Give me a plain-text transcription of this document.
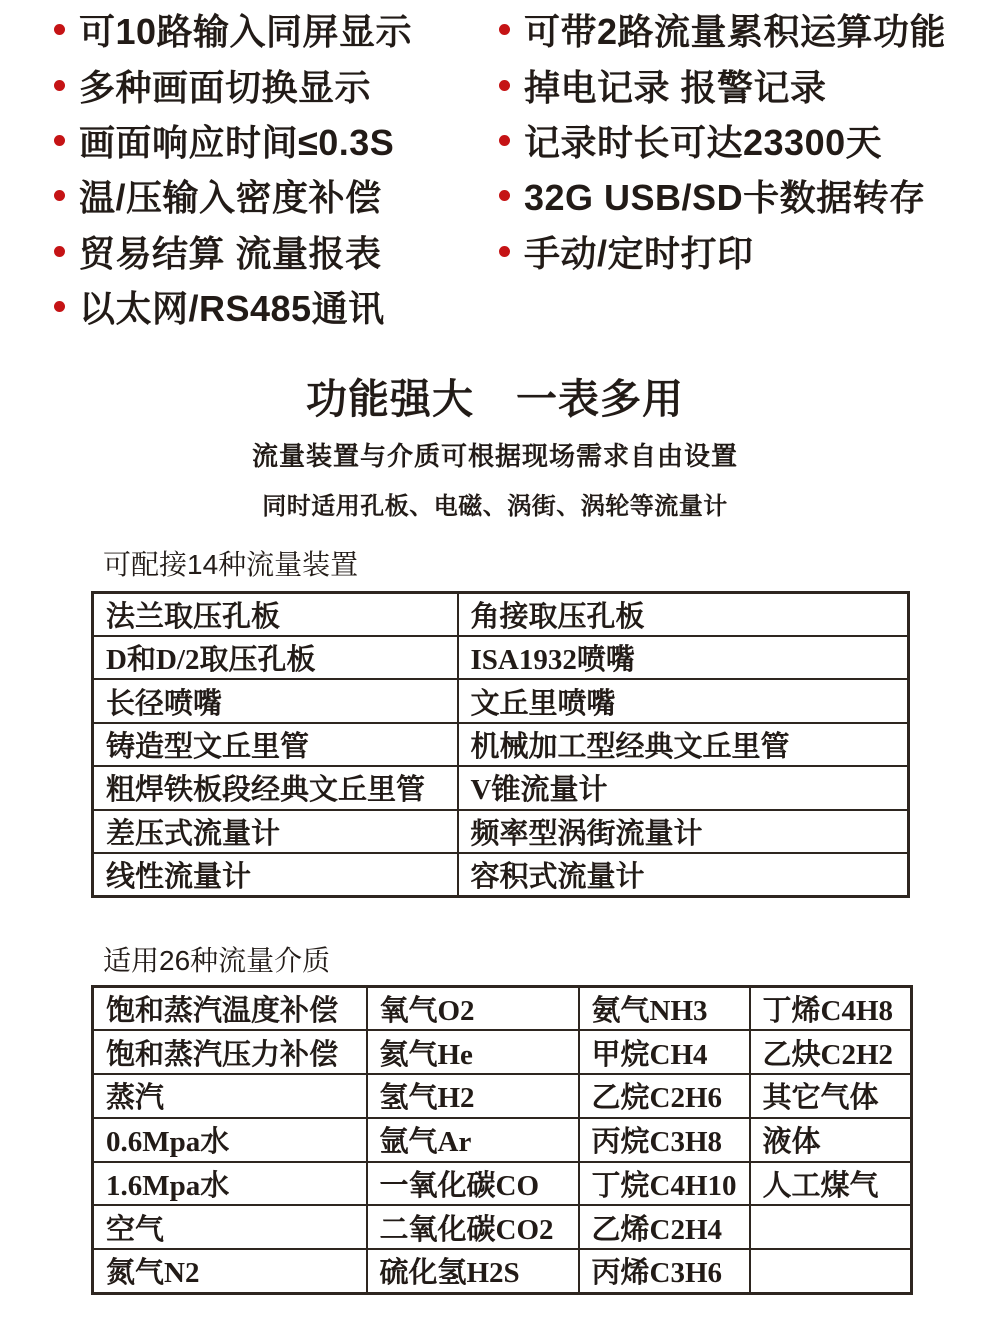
可10路输入同屏显示
多种画面切换显示
画面响应时间≤0.3S
温/压输入密度补偿
贸易结算 流量报表
以太网/RS485通讯
可带2路流量累积运算功能
掉电记录 报警记录
记录时长可达23300天
32G USB/SD卡数据转存
手动/定时打印
功能强大　一表多用
流量装置与介质可根据现场需求自由设置
同时适用孔板、电磁、涡街、涡轮等流量计
可配接14种流量装置
法兰取压孔板	角接取压孔板
D和D/2取压孔板	ISA1932喷嘴
长径喷嘴	文丘里喷嘴
铸造型文丘里管	机械加工型经典文丘里管
粗焊铁板段经典文丘里管	V锥流量计
差压式流量计	频率型涡街流量计
线性流量计	容积式流量计
适用26种流量介质
饱和蒸汽温度补偿	氧气O2	氨气NH3	丁烯C4H8
饱和蒸汽压力补偿	氦气He	甲烷CH4	乙炔C2H2
蒸汽	氢气H2	乙烷C2H6	其它气体
0.6Mpa水	氩气Ar	丙烷C3H8	液体
1.6Mpa水	一氧化碳CO	丁烷C4H10	人工煤气
空气	二氧化碳CO2	乙烯C2H4	
氮气N2	硫化氢H2S	丙烯C3H6	
